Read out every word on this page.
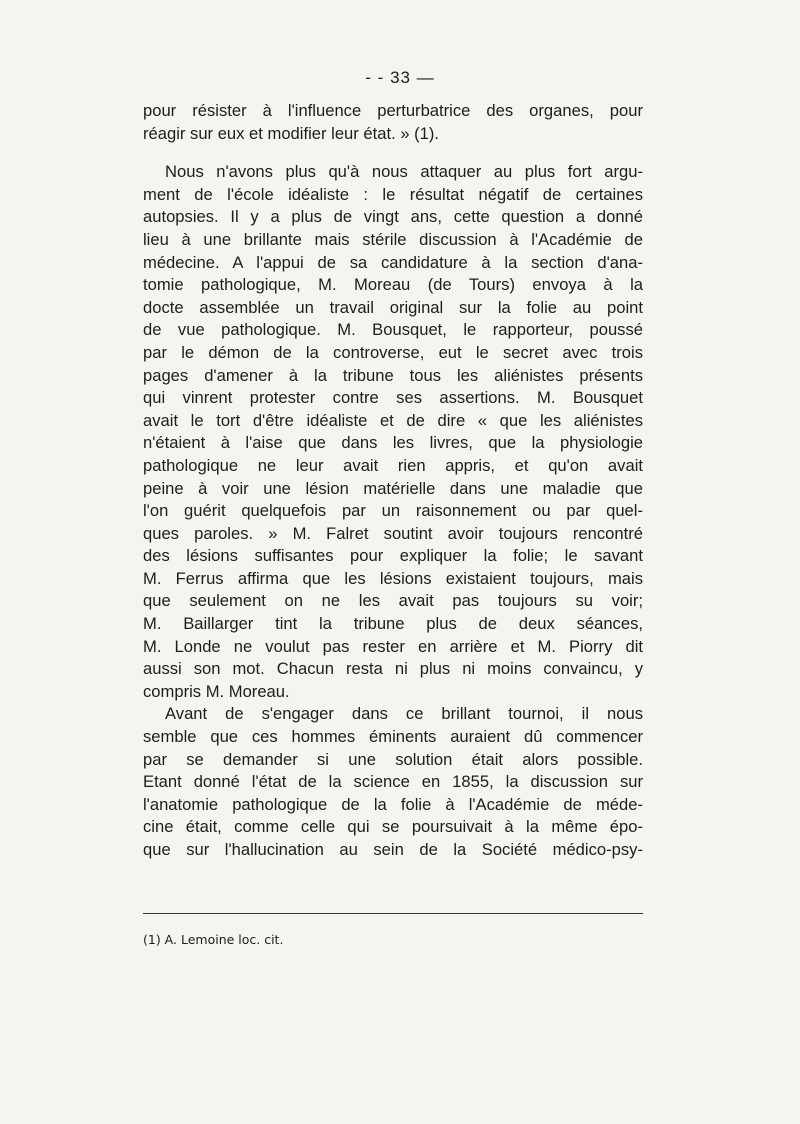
- - 33 —
pour résister à l'influence perturbatrice des organes, pour
réagir sur eux et modifier leur état. » (1).
Nous n'avons plus qu'à nous attaquer au plus fort argu-
ment de l'école idéaliste : le résultat négatif de certaines
autopsies. Il y a plus de vingt ans, cette question a donné
lieu à une brillante mais stérile discussion à l'Académie de
médecine. A l'appui de sa candidature à la section d'ana-
tomie pathologique, M. Moreau (de Tours) envoya à la
docte assemblée un travail original sur la folie au point
de vue pathologique. M. Bousquet, le rapporteur, poussé
par le démon de la controverse, eut le secret avec trois
pages d'amener à la tribune tous les aliénistes présents
qui vinrent protester contre ses assertions. M. Bousquet
avait le tort d'être idéaliste et de dire « que les aliénistes
n'étaient à l'aise que dans les livres, que la physiologie
pathologique ne leur avait rien appris, et qu'on avait
peine à voir une lésion matérielle dans une maladie que
l'on guérit quelquefois par un raisonnement ou par quel-
ques paroles. » M. Falret soutint avoir toujours rencontré
des lésions suffisantes pour expliquer la folie; le savant
M. Ferrus affirma que les lésions existaient toujours, mais
que seulement on ne les avait pas toujours su voir;
M. Baillarger tint la tribune plus de deux séances,
M. Londe ne voulut pas rester en arrière et M. Piorry dit
aussi son mot. Chacun resta ni plus ni moins convaincu, y
compris M. Moreau.
Avant de s'engager dans ce brillant tournoi, il nous
semble que ces hommes éminents auraient dû commencer
par se demander si une solution était alors possible.
Etant donné l'état de la science en 1855, la discussion sur
l'anatomie pathologique de la folie à l'Académie de méde-
cine était, comme celle qui se poursuivait à la même épo-
que sur l'hallucination au sein de la Société médico-psy-
(1) A. Lemoine loc. cit.
